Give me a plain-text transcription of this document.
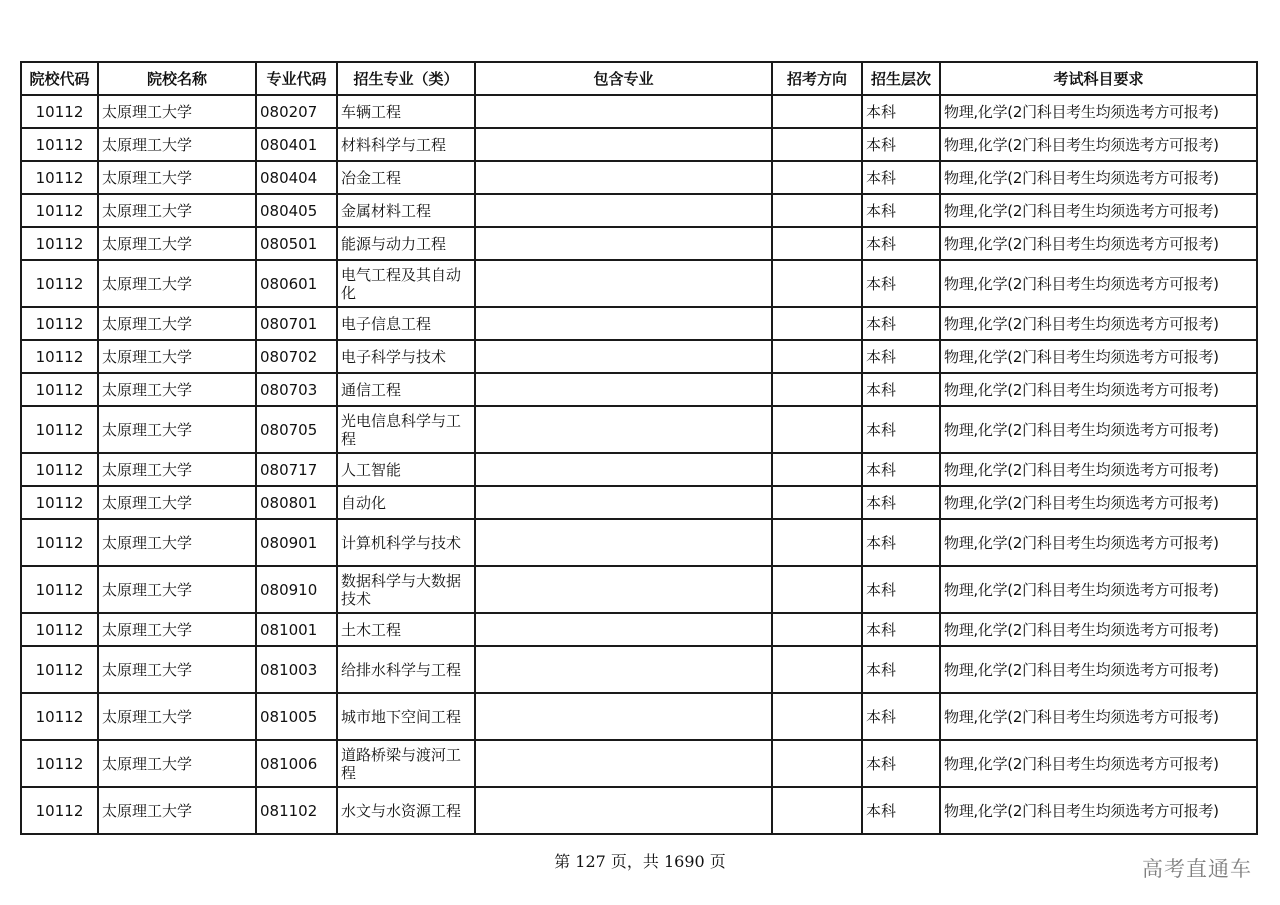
院校代码	院校名称	专业代码	招生专业（类）	包含专业	招考方向	招生层次	考试科目要求
10112	太原理工大学	080207	车辆工程			本科	物理,化学(2门科目考生均须选考方可报考)
10112	太原理工大学	080401	材料科学与工程			本科	物理,化学(2门科目考生均须选考方可报考)
10112	太原理工大学	080404	冶金工程			本科	物理,化学(2门科目考生均须选考方可报考)
10112	太原理工大学	080405	金属材料工程			本科	物理,化学(2门科目考生均须选考方可报考)
10112	太原理工大学	080501	能源与动力工程			本科	物理,化学(2门科目考生均须选考方可报考)
10112	太原理工大学	080601	电气工程及其自动化			本科	物理,化学(2门科目考生均须选考方可报考)
10112	太原理工大学	080701	电子信息工程			本科	物理,化学(2门科目考生均须选考方可报考)
10112	太原理工大学	080702	电子科学与技术			本科	物理,化学(2门科目考生均须选考方可报考)
10112	太原理工大学	080703	通信工程			本科	物理,化学(2门科目考生均须选考方可报考)
10112	太原理工大学	080705	光电信息科学与工程			本科	物理,化学(2门科目考生均须选考方可报考)
10112	太原理工大学	080717	人工智能			本科	物理,化学(2门科目考生均须选考方可报考)
10112	太原理工大学	080801	自动化			本科	物理,化学(2门科目考生均须选考方可报考)
10112	太原理工大学	080901	计算机科学与技术			本科	物理,化学(2门科目考生均须选考方可报考)
10112	太原理工大学	080910	数据科学与大数据技术			本科	物理,化学(2门科目考生均须选考方可报考)
10112	太原理工大学	081001	土木工程			本科	物理,化学(2门科目考生均须选考方可报考)
10112	太原理工大学	081003	给排水科学与工程			本科	物理,化学(2门科目考生均须选考方可报考)
10112	太原理工大学	081005	城市地下空间工程			本科	物理,化学(2门科目考生均须选考方可报考)
10112	太原理工大学	081006	道路桥梁与渡河工程			本科	物理,化学(2门科目考生均须选考方可报考)
10112	太原理工大学	081102	水文与水资源工程			本科	物理,化学(2门科目考生均须选考方可报考)
第 127 页，共 1690 页	高考直通车
